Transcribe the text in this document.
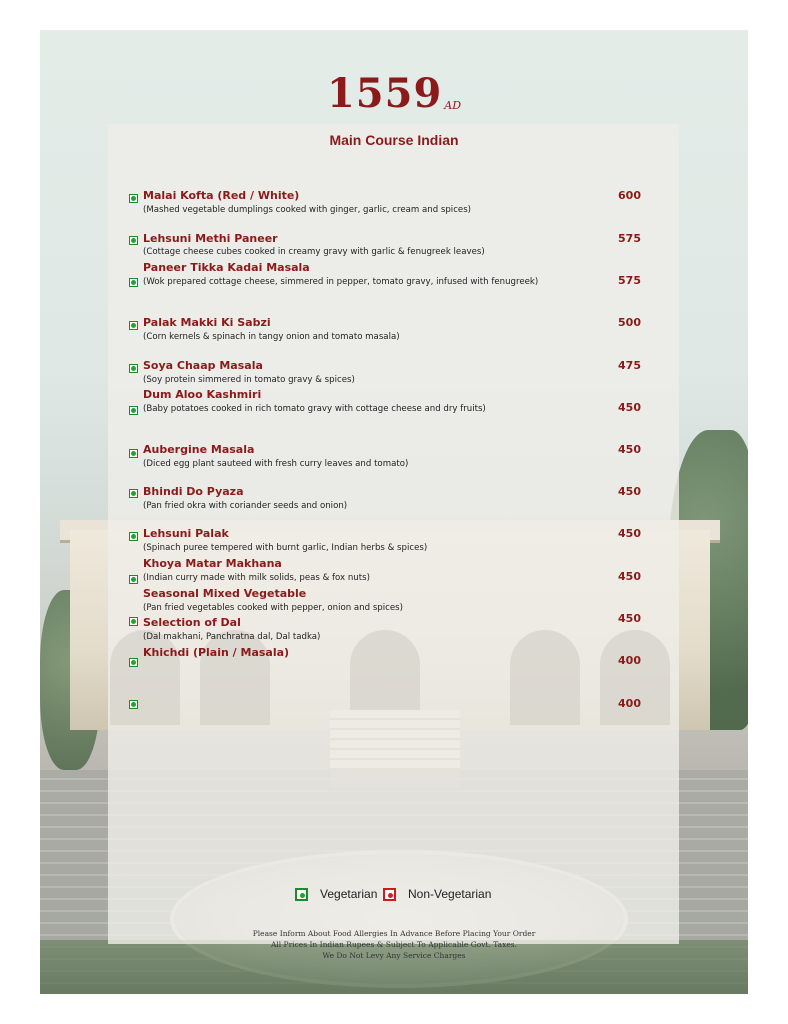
1559 AD
Main Course Indian
Malai Kofta (Red / White)
(Mashed vegetable dumplings cooked with ginger, garlic, cream and spices)
600
Lehsuni Methi Paneer
(Cottage cheese cubes cooked in creamy gravy with garlic & fenugreek leaves)
575
Paneer Tikka Kadai Masala
(Wok prepared cottage cheese, simmered in pepper, tomato gravy, infused with fenugreek)	575
Palak Makki Ki Sabzi
(Corn kernels & spinach in tangy onion and tomato masala)
500
Soya Chaap Masala
(Soy protein simmered in tomato gravy & spices)
475
Dum Aloo Kashmiri
(Baby potatoes cooked in rich tomato gravy with cottage cheese and dry fruits)	450
Aubergine Masala
(Diced egg plant sauteed with fresh curry leaves and tomato)
450
Bhindi Do Pyaza
(Pan fried okra with coriander seeds and onion)
450
Lehsuni Palak
(Spinach puree tempered with burnt garlic, Indian herbs & spices)
450
Khoya Matar Makhana
(Indian curry made with milk solids, peas & fox nuts)	450
Seasonal Mixed Vegetable
(Pan fried vegetables cooked with pepper, onion and spices)
450
Selection of Dal
(Dal makhani, Panchratna dal, Dal tadka)
400
Khichdi (Plain / Masala)
400
Vegetarian	Non-Vegetarian
Please Inform About Food Allergies In Advance Before Placing Your Order
All Prices In Indian Rupees & Subject To Applicable Govt. Taxes.
We Do Not Levy Any Service Charges
